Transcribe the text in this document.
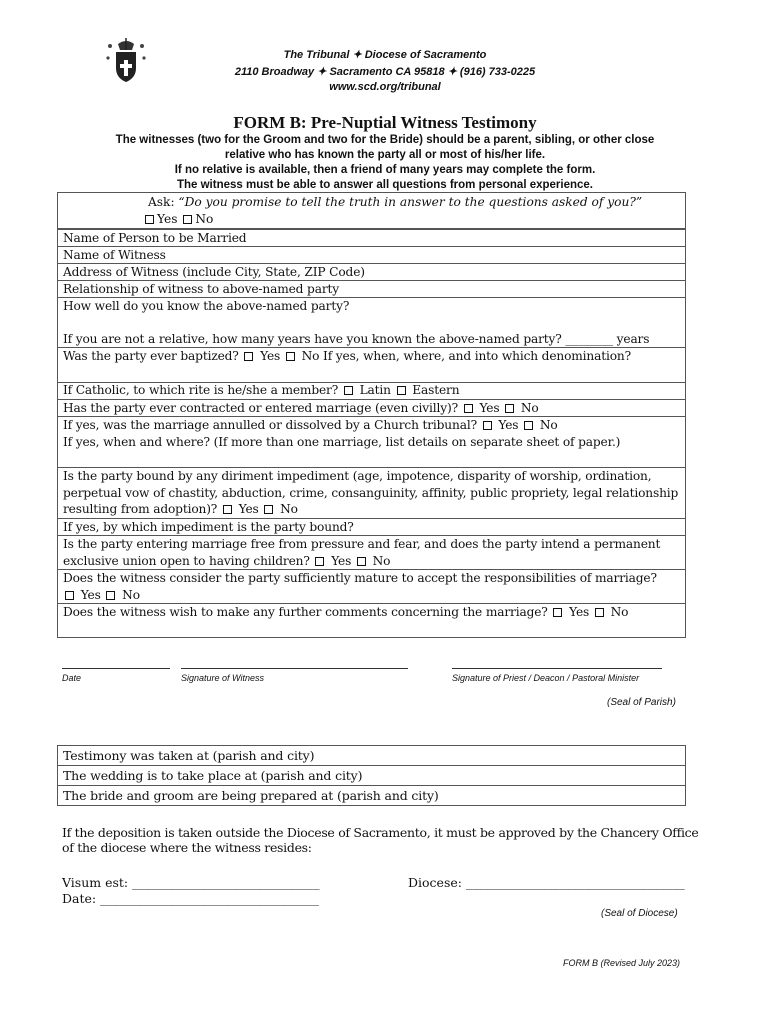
The Tribunal ✦ Diocese of Sacramento
2110 Broadway ✦ Sacramento CA 95818 ✦ (916) 733-0225
www.scd.org/tribunal
FORM B: Pre-Nuptial Witness Testimony
The witnesses (two for the Groom and two for the Bride) should be a parent, sibling, or other close
relative who has known the party all or most of his/her life.
If no relative is available, then a friend of many years may complete the form.
The witness must be able to answer all questions from personal experience.
Ask: “Do you promise to tell the truth in answer to the questions asked of you?”
Yes No
Name of Person to be Married
Name of Witness
Address of Witness (include City, State, ZIP Code)
Relationship of witness to above-named party
How well do you know the above-named party?
If you are not a relative, how many years have you known the above-named party? ________ years
Was the party ever baptized?  Yes  No If yes, when, where, and into which denomination?
If Catholic, to which rite is he/she a member?  Latin  Eastern
Has the party ever contracted or entered marriage (even civilly)?  Yes  No
If yes, was the marriage annulled or dissolved by a Church tribunal?  Yes  No
If yes, when and where? (If more than one marriage, list details on separate sheet of paper.)
Is the party bound by any diriment impediment (age, impotence, disparity of worship, ordination,
perpetual vow of chastity, abduction, crime, consanguinity, affinity, public propriety, legal relationship
resulting from adoption)?  Yes  No
If yes, by which impediment is the party bound?
Is the party entering marriage free from pressure and fear, and does the party intend a permanent
exclusive union open to having children?  Yes  No
Does the witness consider the party sufficiently mature to accept the responsibilities of marriage?
Yes  No
Does the witness wish to make any further comments concerning the marriage?  Yes  No
Date	Signature of Witness	Signature of Priest / Deacon / Pastoral Minister
(Seal of Parish)
Testimony was taken at (parish and city)
The wedding is to take place at (parish and city)
The bride and groom are being prepared at (parish and city)
If the deposition is taken outside the Diocese of Sacramento, it must be approved by the Chancery Office
of the diocese where the witness resides:
Visum est: ______________________________	Diocese: ___________________________________
Date: ___________________________________
(Seal of Diocese)
FORM B (Revised July 2023)
